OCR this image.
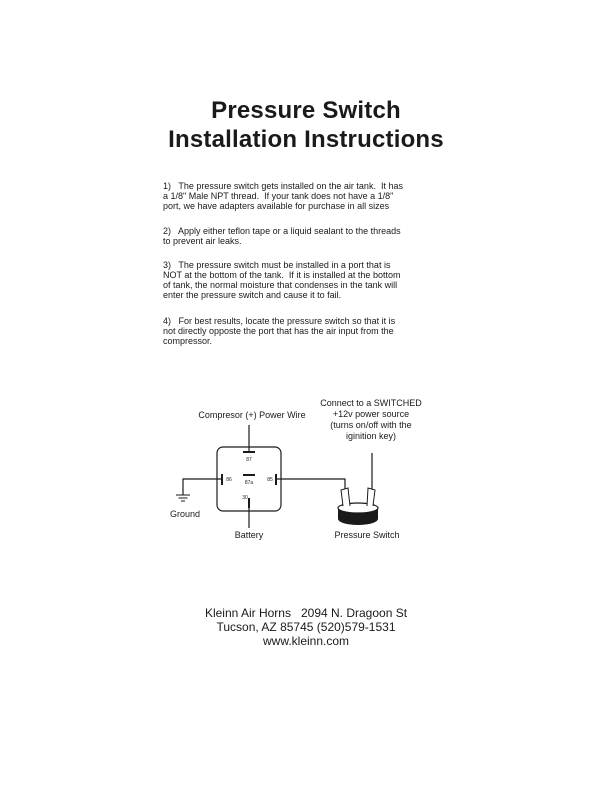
Pressure Switch
Installation Instructions
1)   The pressure switch gets installed on the air tank.  It has
a 1/8" Male NPT thread.  If your tank does not have a 1/8"
port, we have adapters available for purchase in all sizes
2)   Apply either teflon tape or a liquid sealant to the threads
to prevent air leaks.
3)   The pressure switch must be installed in a port that is
NOT at the bottom of the tank.  If it is installed at the bottom
of tank, the normal moisture that condenses in the tank will
enter the pressure switch and cause it to fail.
4)   For best results, locate the pressure switch so that it is
not directly opposte the port that has the air input from the
compressor.
Compresor (+) Power Wire
Connect to a SWITCHED
+12v power source
(turns on/off with the
iginition key)
87
86	87a	85
30
Ground
Battery	Pressure Switch
Kleinn Air Horns   2094 N. Dragoon St
Tucson, AZ 85745 (520)579-1531
www.kleinn.com
